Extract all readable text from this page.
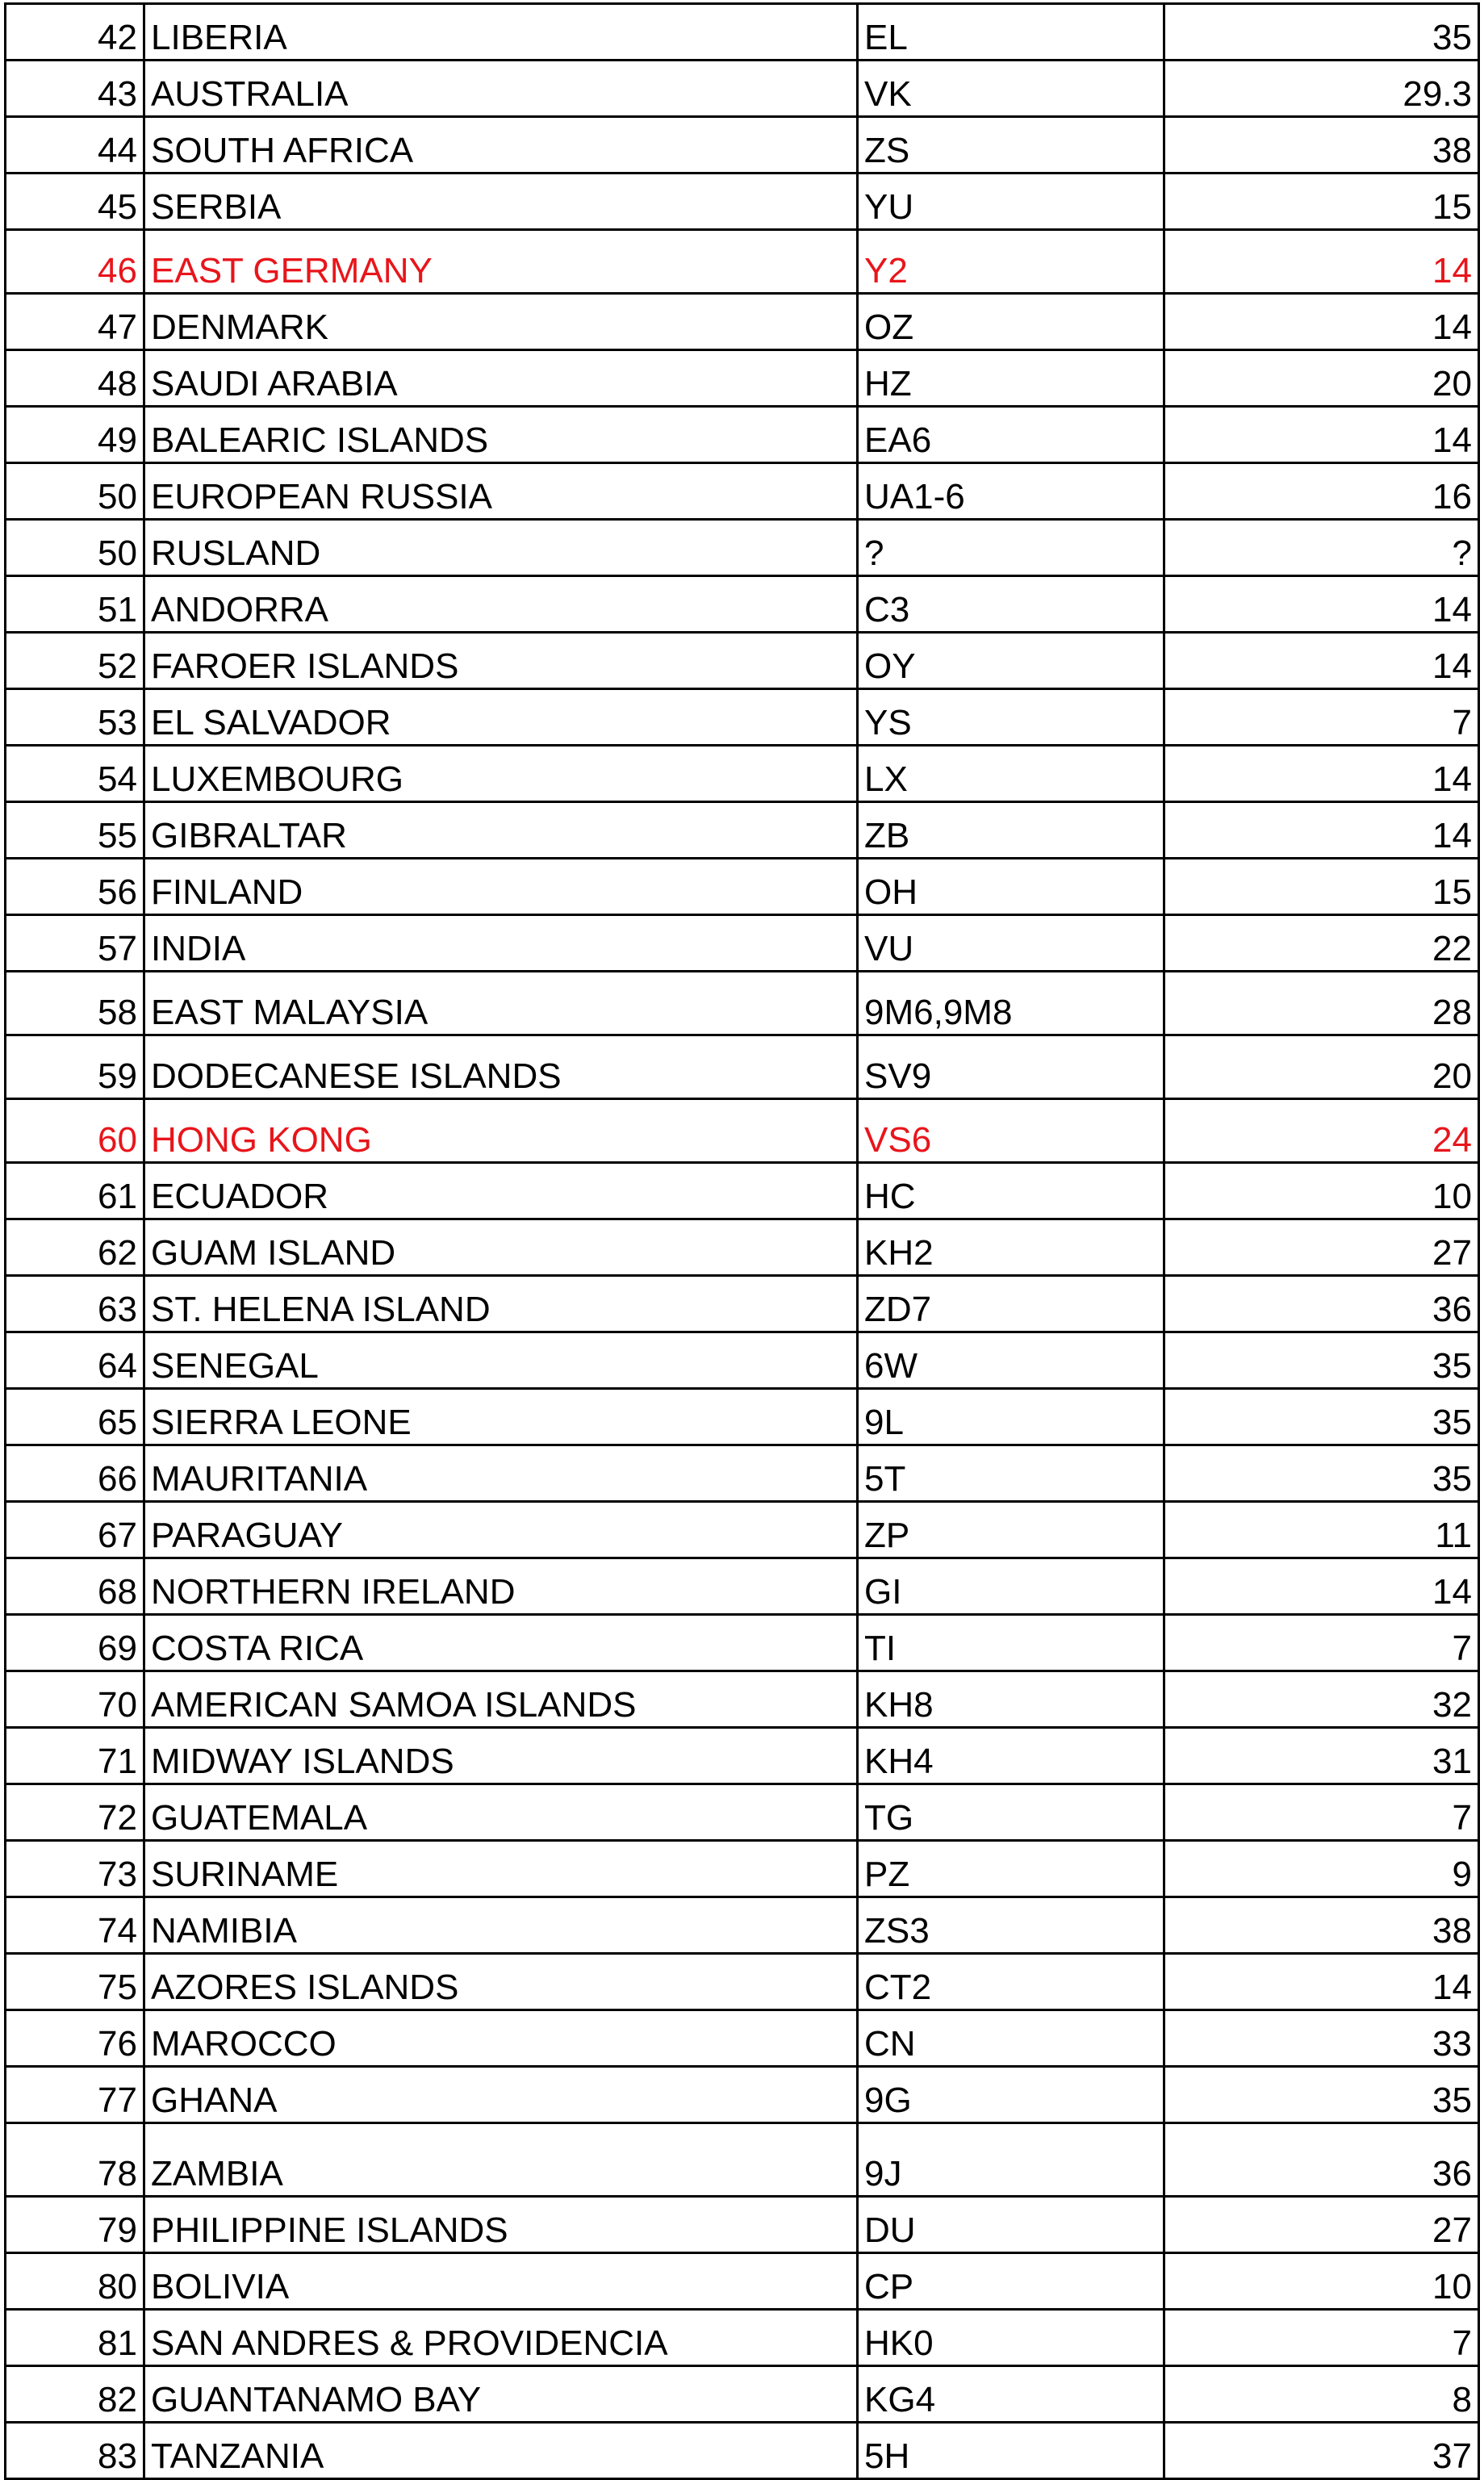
42	LIBERIA	EL	35
43	AUSTRALIA	VK	29.3
44	SOUTH AFRICA	ZS	38
45	SERBIA	YU	15
46	EAST GERMANY	Y2	14
47	DENMARK	OZ	14
48	SAUDI ARABIA	HZ	20
49	BALEARIC ISLANDS	EA6	14
50	EUROPEAN RUSSIA	UA1-6	16
50	RUSLAND	?	?
51	ANDORRA	C3	14
52	FAROER ISLANDS	OY	14
53	EL SALVADOR	YS	7
54	LUXEMBOURG	LX	14
55	GIBRALTAR	ZB	14
56	FINLAND	OH	15
57	INDIA	VU	22
58	EAST MALAYSIA	9M6,9M8	28
59	DODECANESE ISLANDS	SV9	20
60	HONG KONG	VS6	24
61	ECUADOR	HC	10
62	GUAM ISLAND	KH2	27
63	ST. HELENA ISLAND	ZD7	36
64	SENEGAL	6W	35
65	SIERRA LEONE	9L	35
66	MAURITANIA	5T	35
67	PARAGUAY	ZP	11
68	NORTHERN IRELAND	GI	14
69	COSTA RICA	TI	7
70	AMERICAN SAMOA ISLANDS	KH8	32
71	MIDWAY ISLANDS	KH4	31
72	GUATEMALA	TG	7
73	SURINAME	PZ	9
74	NAMIBIA	ZS3	38
75	AZORES ISLANDS	CT2	14
76	MAROCCO	CN	33
77	GHANA	9G	35
78	ZAMBIA	9J	36
79	PHILIPPINE ISLANDS	DU	27
80	BOLIVIA	CP	10
81	SAN ANDRES & PROVIDENCIA	HK0	7
82	GUANTANAMO BAY	KG4	8
83	TANZANIA	5H	37
